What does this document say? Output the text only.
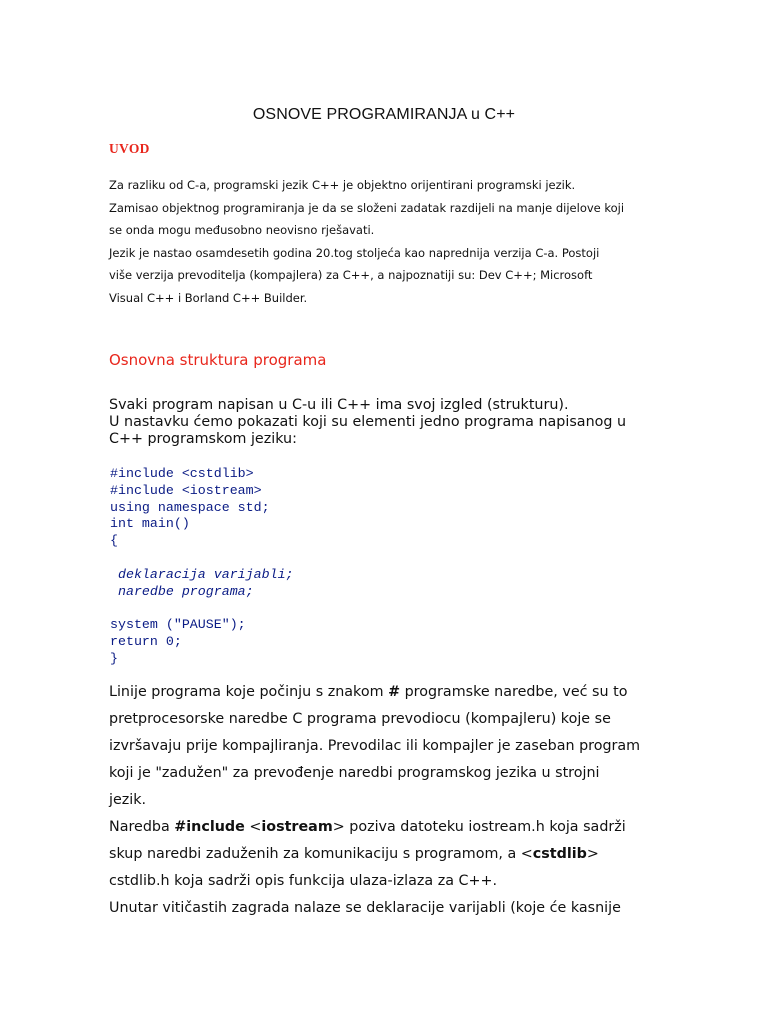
OSNOVE PROGRAMIRANJA u C++
UVOD
Za razliku od C-a, programski jezik C++ je objektno orijentirani programski jezik.
Zamisao objektnog programiranja je da se složeni zadatak razdijeli na manje dijelove koji
se onda mogu međusobno neovisno rješavati.
Jezik je nastao osamdesetih godina 20.tog stoljeća kao naprednija verzija C-a. Postoji
više verzija prevoditelja (kompajlera) za C++, a najpoznatiji su: Dev C++; Microsoft
Visual C++ i Borland C++ Builder.
Osnovna struktura programa
Svaki program napisan u C-u ili C++ ima svoj izgled (strukturu).
U nastavku ćemo pokazati koji su elementi jedno programa napisanog u
C++ programskom jeziku:
#include <cstdlib>
#include <iostream>
using namespace std;
int main()
{
deklaracija varijabli;
naredbe programa;
system ("PAUSE");
return 0;
}
Linije programa koje počinju s znakom # programske naredbe, već su to
pretprocesorske naredbe C programa prevodiocu (kompajleru) koje se
izvršavaju prije kompajliranja. Prevodilac ili kompajler je zaseban program
koji je "zadužen" za prevođenje naredbi programskog jezika u strojni
jezik.
Naredba #include <iostream> poziva datoteku iostream.h koja sadrži
skup naredbi zaduženih za komunikaciju s programom, a <cstdlib>
cstdlib.h koja sadrži opis funkcija ulaza-izlaza za C++.
Unutar vitičastih zagrada nalaze se deklaracije varijabli (koje će kasnije
